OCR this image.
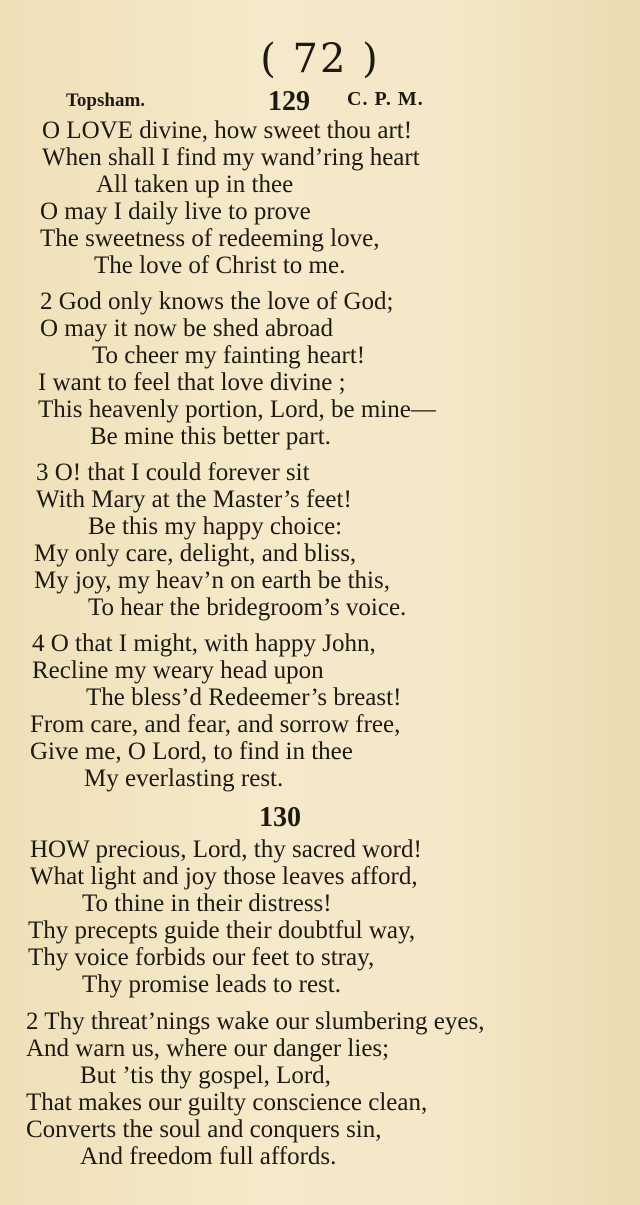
( 72 )
Topsham.	129 C. P. M.
O LOVE divine, how sweet thou art!
When shall I find my wand’ring heart
All taken up in thee
O may I daily live to prove
The sweetness of redeeming love,
The love of Christ to me.
2 God only knows the love of God;
O may it now be shed abroad
To cheer my fainting heart!
I want to feel that love divine ;
This heavenly portion, Lord, be mine—
Be mine this better part.
3 O! that I could forever sit
With Mary at the Master’s feet!
Be this my happy choice:
My only care, delight, and bliss,
My joy, my heav’n on earth be this,
To hear the bridegroom’s voice.
4 O that I might, with happy John,
Recline my weary head upon
The bless’d Redeemer’s breast!
From care, and fear, and sorrow free,
Give me, O Lord, to find in thee
My everlasting rest.
130
HOW precious, Lord, thy sacred word!
What light and joy those leaves afford,
To thine in their distress!
Thy precepts guide their doubtful way,
Thy voice forbids our feet to stray,
Thy promise leads to rest.
2 Thy threat’nings wake our slumbering eyes,
And warn us, where our danger lies;
But ’tis thy gospel, Lord,
That makes our guilty conscience clean,
Converts the soul and conquers sin,
And freedom full affords.
